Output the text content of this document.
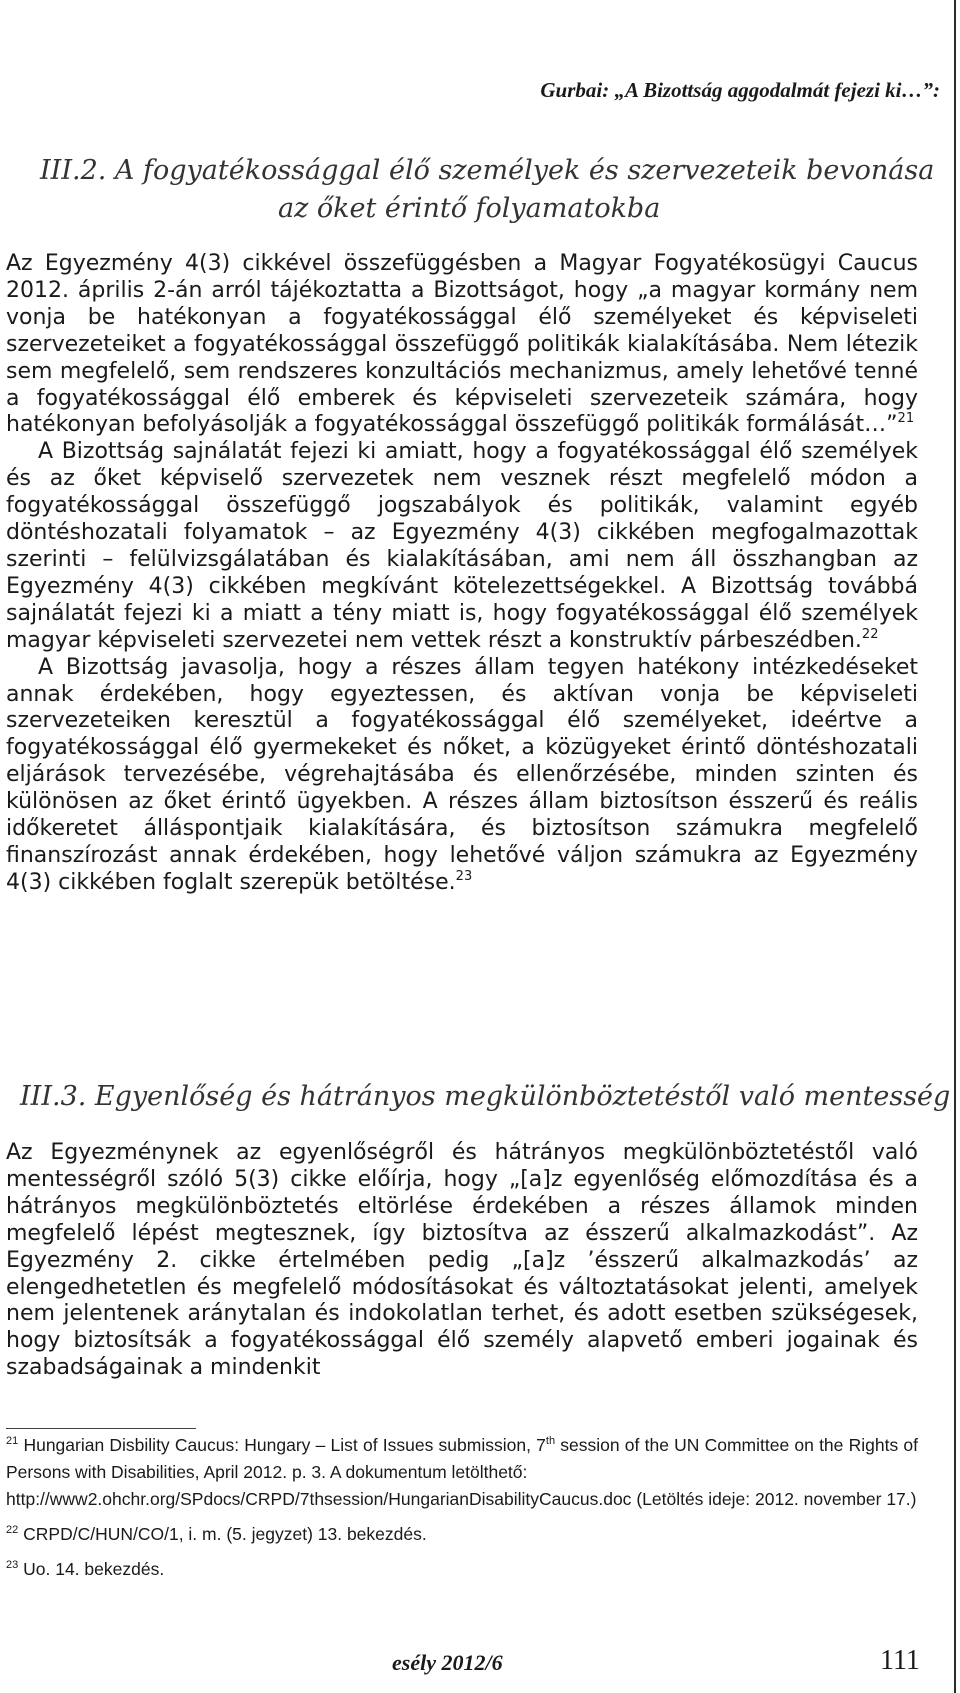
Gurbai: „A Bizottság aggodalmát fejezi ki…”:
III.2. A fogyatékossággal élő személyek és szervezeteik bevonása
az őket érintő folyamatokba

Az Egyezmény 4(3) cikkével összefüggésben a Magyar Fogyatékosügyi Caucus 2012. április 2-án arról tájékoztatta a Bizottságot, hogy „a magyar kormány nem vonja be hatékonyan a fogyatékossággal élő személyeket és képviseleti szervezeteiket a fogyatékossággal összefüggő politikák kialakításába. Nem létezik sem megfelelő, sem rendszeres konzultációs mechanizmus, amely lehetővé tenné a fogyatékossággal élő emberek és képviseleti szervezeteik számára, hogy hatékonyan befolyásolják a fogyatékossággal összefüggő politikák formálását…”$^{21}$

A Bizottság sajnálatát fejezi ki amiatt, hogy a fogyatékossággal élő személyek és az őket képviselő szervezetek nem vesznek részt megfelelő módon a fogyatékossággal összefüggő jogszabályok és politikák, valamint egyéb döntéshozatali folyamatok – az Egyezmény 4(3) cikkében megfogalmazottak szerinti – felülvizsgálatában és kialakításában, ami nem áll összhangban az Egyezmény 4(3) cikkében megkívánt kötelezettségekkel. A Bizottság továbbá sajnálatát fejezi ki a miatt a tény miatt is, hogy fogyatékossággal élő személyek magyar képviseleti szervezetei nem vettek részt a konstruktív párbeszédben.$^{22}$

A Bizottság javasolja, hogy a részes állam tegyen hatékony intézkedéseket annak érdekében, hogy egyeztessen, és aktívan vonja be képviseleti szervezeteiken keresztül a fogyatékossággal élő személyeket, ideértve a fogyatékossággal élő gyermekeket és nőket, a közügyeket érintő döntéshozatali eljárások tervezésébe, végrehajtásába és ellenőrzésébe, minden szinten és különösen az őket érintő ügyekben. A részes állam biztosítson ésszerű és reális időkeretet álláspontjaik kialakítására, és biztosítson számukra megfelelő finanszírozást annak érdekében, hogy lehetővé váljon számukra az Egyezmény 4(3) cikkében foglalt szerepük betöltése.$^{23}$

III.3. Egyenlőség és hátrányos megkülönböztetéstől való mentesség

Az Egyezménynek az egyenlőségről és hátrányos megkülönböztetéstől való mentességről szóló 5(3) cikke előírja, hogy „[a]z egyenlőség előmozdítása és a hátrányos megkülönböztetés eltörlése érdekében a részes államok minden megfelelő lépést megtesznek, így biztosítva az ésszerű alkalmazkodást”. Az Egyezmény 2. cikke értelmében pedig „[a]z ’ésszerű alkalmazkodás’ az elengedhetetlen és megfelelő módosításokat és változtatásokat jelenti, amelyek nem jelentenek aránytalan és indokolatlan terhet, és adott esetben szükségesek, hogy biztosítsák a fogyatékossággal élő személy alapvető emberi jogainak és szabadságainak a mindenkit

$^{21}$ Hungarian Disbility Caucus: Hungary – List of Issues submission, 7th session of the UN Committee on the Rights of Persons with Disabilities, April 2012. p. 3. A dokumentum letölthető:
http://www2.ohchr.org/SPdocs/CRPD/7thsession/HungarianDisabilityCaucus.doc (Letöltés ideje: 2012. november 17.)

$^{22}$ CRPD/C/HUN/CO/1, i. m. (5. jegyzet) 13. bekezdés.

$^{23}$ Uo. 14. bekezdés.

esély 2012/6	111
